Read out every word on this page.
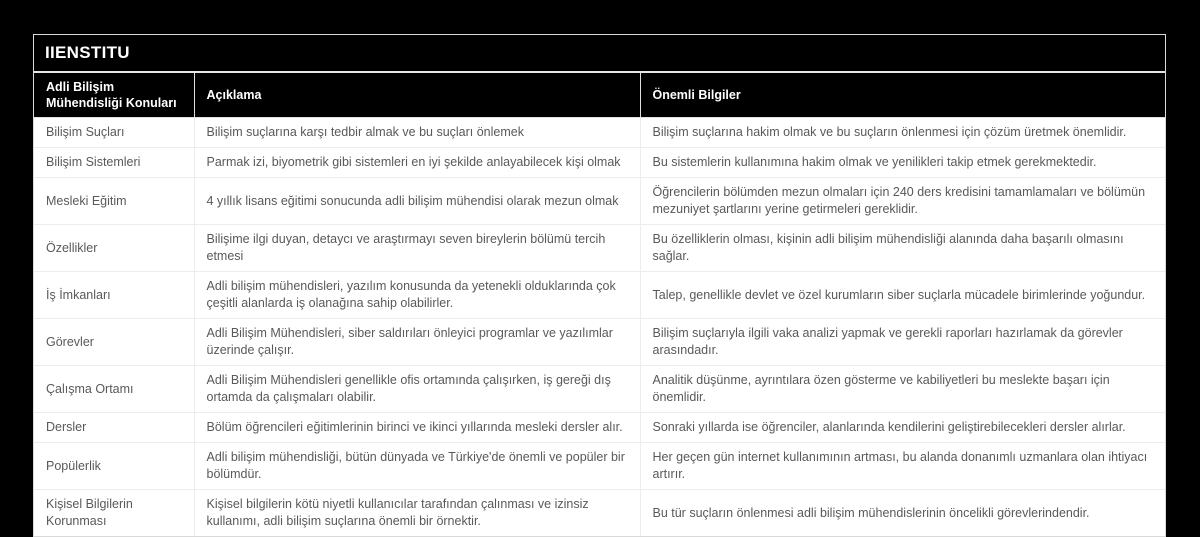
IIENSTITU
Adli Bilişim Mühendisliği Konuları	Açıklama	Önemli Bilgiler
Bilişim Suçları	Bilişim suçlarına karşı tedbir almak ve bu suçları önlemek	Bilişim suçlarına hakim olmak ve bu suçların önlenmesi için çözüm üretmek önemlidir.
Bilişim Sistemleri	Parmak izi, biyometrik gibi sistemleri en iyi şekilde anlayabilecek kişi olmak	Bu sistemlerin kullanımına hakim olmak ve yenilikleri takip etmek gerekmektedir.
Mesleki Eğitim	4 yıllık lisans eğitimi sonucunda adli bilişim mühendisi olarak mezun olmak	Öğrencilerin bölümden mezun olmaları için 240 ders kredisini tamamlamaları ve bölümün mezuniyet şartlarını yerine getirmeleri gereklidir.
Özellikler	Bilişime ilgi duyan, detaycı ve araştırmayı seven bireylerin bölümü tercih etmesi	Bu özelliklerin olması, kişinin adli bilişim mühendisliği alanında daha başarılı olmasını sağlar.
İş İmkanları	Adli bilişim mühendisleri, yazılım konusunda da yetenekli olduklarında çok çeşitli alanlarda iş olanağına sahip olabilirler.	Talep, genellikle devlet ve özel kurumların siber suçlarla mücadele birimlerinde yoğundur.
Görevler	Adli Bilişim Mühendisleri, siber saldırıları önleyici programlar ve yazılımlar üzerinde çalışır.	Bilişim suçlarıyla ilgili vaka analizi yapmak ve gerekli raporları hazırlamak da görevler arasındadır.
Çalışma Ortamı	Adli Bilişim Mühendisleri genellikle ofis ortamında çalışırken, iş gereği dış ortamda da çalışmaları olabilir.	Analitik düşünme, ayrıntılara özen gösterme ve kabiliyetleri bu meslekte başarı için önemlidir.
Dersler	Bölüm öğrencileri eğitimlerinin birinci ve ikinci yıllarında mesleki dersler alır.	Sonraki yıllarda ise öğrenciler, alanlarında kendilerini geliştirebilecekleri dersler alırlar.
Popülerlik	Adli bilişim mühendisliği, bütün dünyada ve Türkiye'de önemli ve popüler bir bölümdür.	Her geçen gün internet kullanımının artması, bu alanda donanımlı uzmanlara olan ihtiyacı artırır.
Kişisel Bilgilerin Korunması	Kişisel bilgilerin kötü niyetli kullanıcılar tarafından çalınması ve izinsiz kullanımı, adli bilişim suçlarına önemli bir örnektir.	Bu tür suçların önlenmesi adli bilişim mühendislerinin öncelikli görevlerindendir.
